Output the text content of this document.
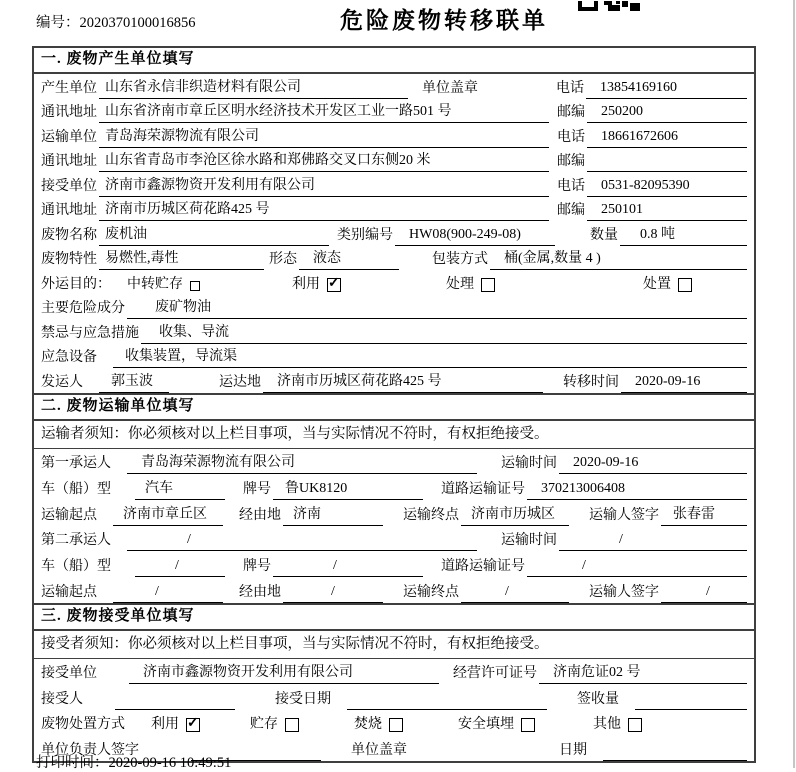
编号：2020370100016856	危险废物转移联单
一. 废物产生单位填写
产生单位 山东省永信非织造材料有限公司	单位盖章	电话	13854169160
通讯地址 山东省济南市章丘区明水经济技术开发区工业一路501 号	邮编	250200
运输单位 青岛海荣源物流有限公司	电话	18661672606
通讯地址 山东省青岛市李沧区徐水路和郑佛路交叉口东侧20 米	邮编
接受单位 济南市鑫源物资开发利用有限公司	电话	0531-82095390
通讯地址 济南市历城区荷花路425 号	邮编	250101
废物名称 废机油	类别编号	HW08(900-249-08)	数量	0.8 吨
废物特性 易燃性,毒性	形态	液态	包装方式	桶(金属,数量 4 )
外运目的： 中转贮存	利用 ✓	处理	处置
主要危险成分	废矿物油
禁忌与应急措施	收集、导流
应急设备	收集装置，导流渠
发运人	郭玉波	运达地	济南市历城区荷花路425 号	转移时间	2020-09-16
二. 废物运输单位填写
运输者须知：你必须核对以上栏目事项，当与实际情况不符时，有权拒绝接受。
第一承运人	青岛海荣源物流有限公司	运输时间	2020-09-16
车（船）型	汽车	牌号	鲁UK8120	道路运输证号	370213006408
运输起点	济南市章丘区	经由地 济南	运输终点 济南市历城区	运输人签字	张春雷
第二承运人	/	运输时间	/
车（船）型	/	牌号	/	道路运输证号	/
运输起点	/	经由地	/	运输终点	/	运输人签字	/
三. 废物接受单位填写
接受者须知：你必须核对以上栏目事项，当与实际情况不符时，有权拒绝接受。
接受单位	济南市鑫源物资开发利用有限公司	经营许可证号	济南危证02 号
接受人	接受日期	签收量
废物处置方式 利用 ✓	贮存	焚烧	安全填埋	其他
单位负责人签字	单位盖章	日期
打印时间：2020-09-16 10:49:51
